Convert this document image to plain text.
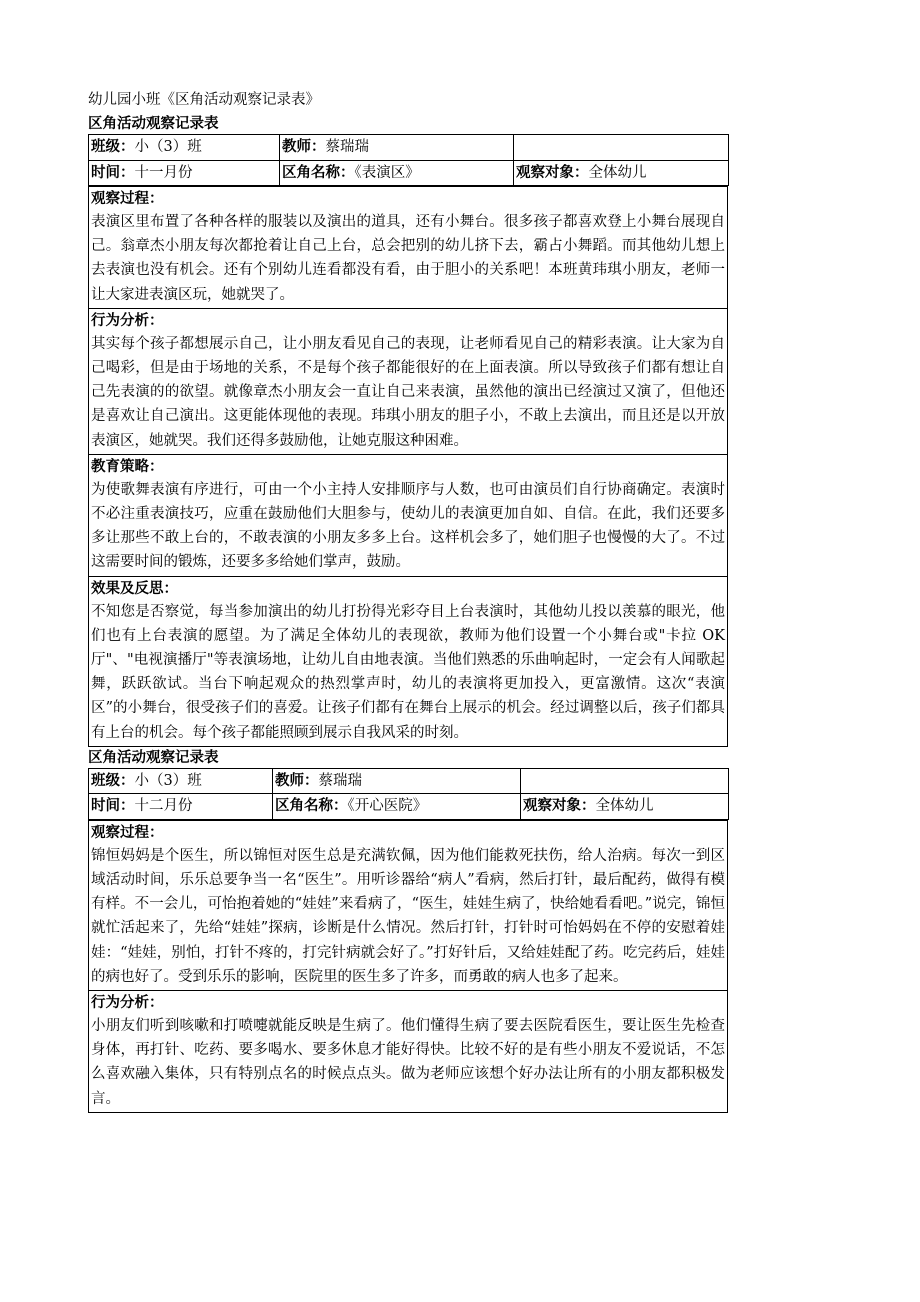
幼儿园小班《区角活动观察记录表》
区角活动观察记录表
班级：小（3）班	教师：蔡瑞瑞	
时间：十一月份	区角名称：《表演区》	观察对象：全体幼儿
观察过程：
表演区里布置了各种各样的服装以及演出的道具，还有小舞台。很多孩子都喜欢登上小舞台展现自己。翁章杰小朋友每次都抢着让自己上台，总会把别的幼儿挤下去，霸占小舞蹈。而其他幼儿想上去表演也没有机会。还有个别幼儿连看都没有看，由于胆小的关系吧！本班黄玮琪小朋友，老师一让大家进表演区玩，她就哭了。

行为分析：
其实每个孩子都想展示自己，让小朋友看见自己的表现，让老师看见自己的精彩表演。让大家为自己喝彩，但是由于场地的关系，不是每个孩子都能很好的在上面表演。所以导致孩子们都有想让自己先表演的的欲望。就像章杰小朋友会一直让自己来表演，虽然他的演出已经演过又演了，但他还是喜欢让自己演出。这更能体现他的表现。玮琪小朋友的胆子小，不敢上去演出，而且还是以开放表演区，她就哭。我们还得多鼓励他，让她克服这种困难。

教育策略：
为使歌舞表演有序进行，可由一个小主持人安排顺序与人数，也可由演员们自行协商确定。表演时不必注重表演技巧，应重在鼓励他们大胆参与，使幼儿的表演更加自如、自信。在此，我们还要多多让那些不敢上台的，不敢表演的小朋友多多上台。这样机会多了，她们胆子也慢慢的大了。不过这需要时间的锻炼，还要多多给她们掌声，鼓励。

效果及反思：
不知您是否察觉，每当参加演出的幼儿打扮得光彩夺目上台表演时，其他幼儿投以羡慕的眼光，他们也有上台表演的愿望。为了满足全体幼儿的表现欲，教师为他们设置一个小舞台或"卡拉 OK 厅"、"电视演播厅"等表演场地，让幼儿自由地表演。当他们熟悉的乐曲响起时，一定会有人闻歌起舞，跃跃欲试。当台下响起观众的热烈掌声时，幼儿的表演将更加投入，更富激情。这次“表演区”的小舞台，很受孩子们的喜爱。让孩子们都有在舞台上展示的机会。经过调整以后，孩子们都具有上台的机会。每个孩子都能照顾到展示自我风采的时刻。
区角活动观察记录表
班级：小（3）班	教师：蔡瑞瑞	
时间：十二月份	区角名称：《开心医院》	观察对象：全体幼儿
观察过程：
锦恒妈妈是个医生，所以锦恒对医生总是充满钦佩，因为他们能救死扶伤，给人治病。每次一到区域活动时间，乐乐总要争当一名“医生”。用听诊器给“病人”看病，然后打针，最后配药，做得有模有样。不一会儿，可怡抱着她的“娃娃”来看病了，“医生，娃娃生病了，快给她看看吧。”说完，锦恒就忙活起来了，先给“娃娃”探病，诊断是什么情况。然后打针，打针时可怡妈妈在不停的安慰着娃娃：“娃娃，别怕，打针不疼的，打完针病就会好了。”打好针后，又给娃娃配了药。吃完药后，娃娃的病也好了。受到乐乐的影响，医院里的医生多了许多，而勇敢的病人也多了起来。

行为分析：
小朋友们听到咳嗽和打喷嚏就能反映是生病了。他们懂得生病了要去医院看医生，要让医生先检查身体，再打针、吃药、要多喝水、要多休息才能好得快。比较不好的是有些小朋友不爱说话，不怎么喜欢融入集体，只有特别点名的时候点点头。做为老师应该想个好办法让所有的小朋友都积极发言。
